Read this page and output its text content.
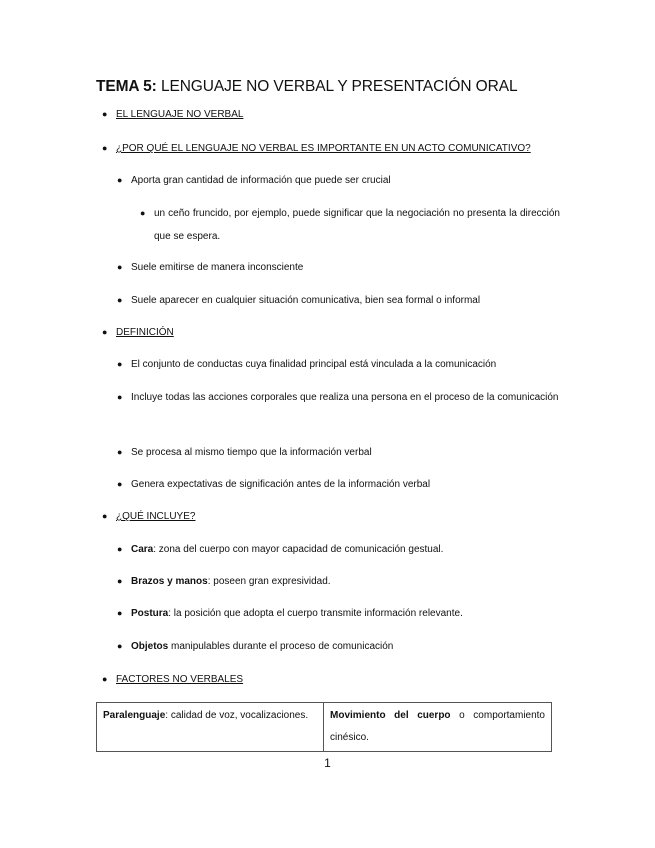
TEMA 5: LENGUAJE NO VERBAL Y PRESENTACIÓN ORAL
● EL LENGUAJE NO VERBAL
● ¿POR QUÉ EL LENGUAJE NO VERBAL ES IMPORTANTE EN UN ACTO COMUNICATIVO?
● Aporta gran cantidad de información que puede ser crucial
● un ceño fruncido, por ejemplo, puede significar que la negociación no presenta la dirección que se espera.
● Suele emitirse de manera inconsciente
● Suele aparecer en cualquier situación comunicativa, bien sea formal o informal
● DEFINICIÓN
● El conjunto de conductas cuya finalidad principal está vinculada a la comunicación
● Incluye todas las acciones corporales que realiza una persona en el proceso de la comunicación
● Se procesa al mismo tiempo que la información verbal
● Genera expectativas de significación antes de la información verbal
● ¿QUÉ INCLUYE?
● Cara: zona del cuerpo con mayor capacidad de comunicación gestual.
● Brazos y manos: poseen gran expresividad.
● Postura: la posición que adopta el cuerpo transmite información relevante.
● Objetos manipulables durante el proceso de comunicación
● FACTORES NO VERBALES
Paralenguaje: calidad de voz, vocalizaciones.	Movimiento del cuerpo o comportamiento cinésico.
1
